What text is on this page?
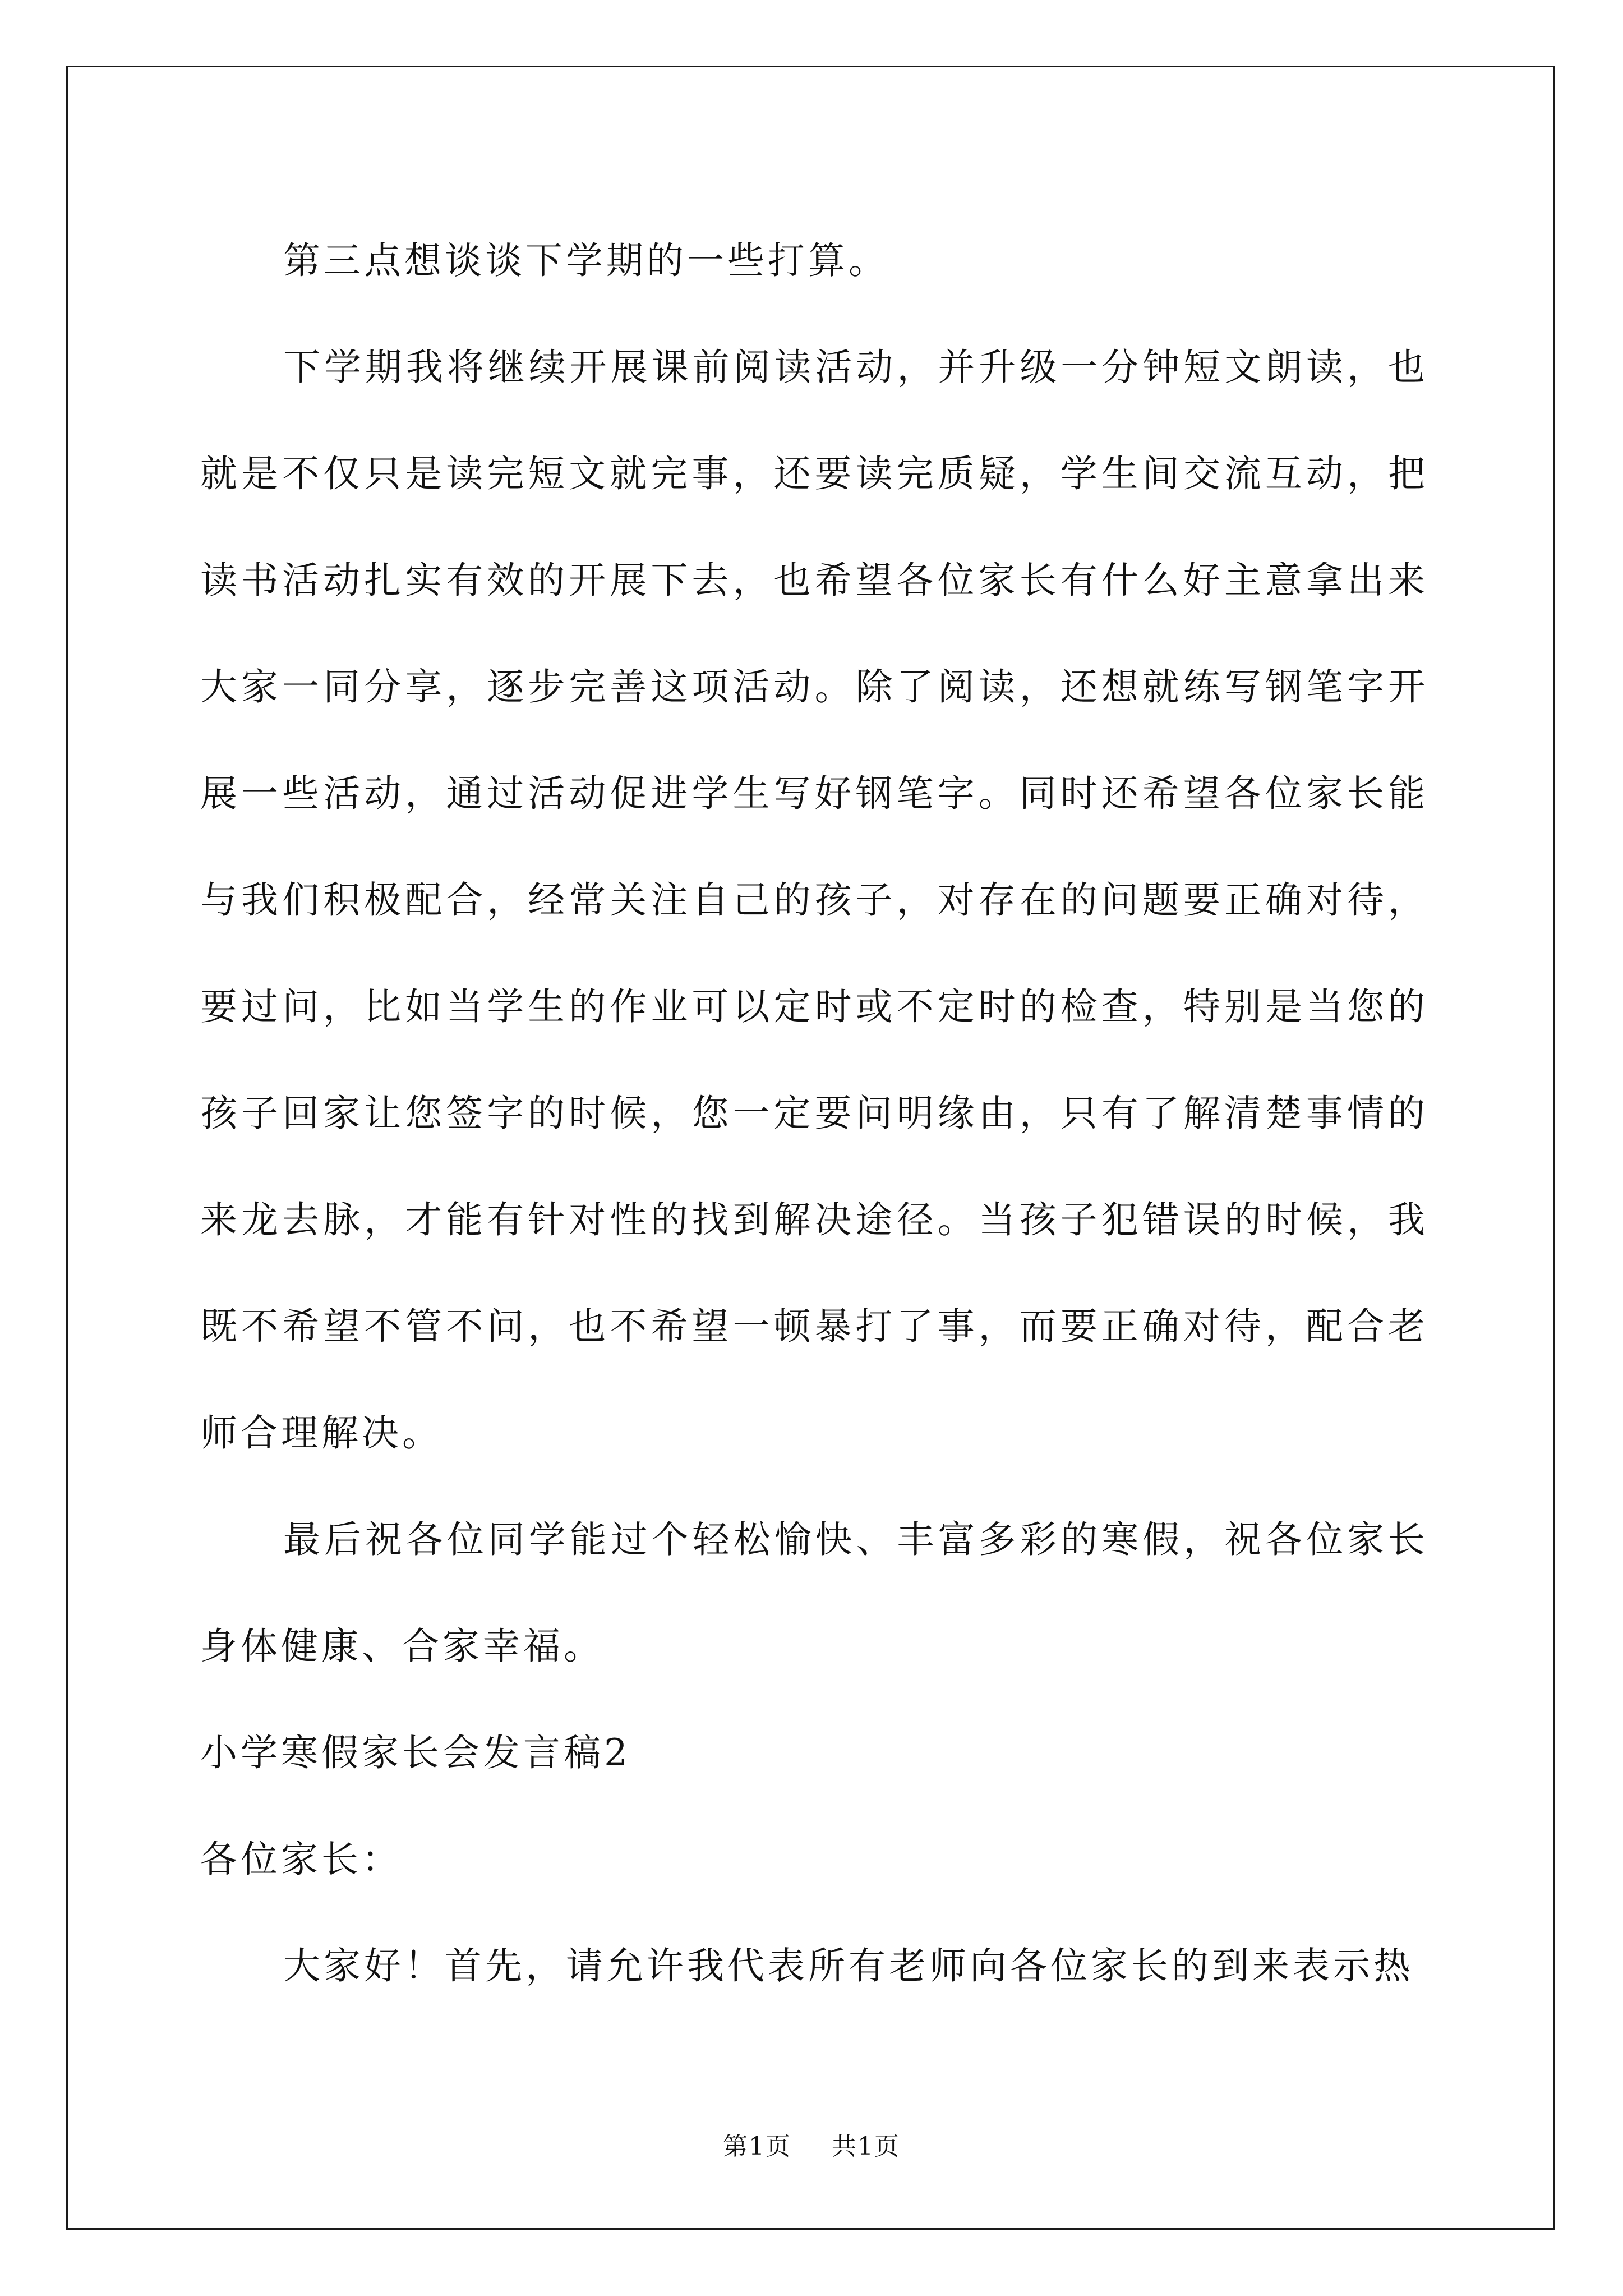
第三点想谈谈下学期的一些打算。

下学期我将继续开展课前阅读活动，并升级一分钟短文朗读，也就是不仅只是读完短文就完事，还要读完质疑，学生间交流互动，把读书活动扎实有效的开展下去，也希望各位家长有什么好主意拿出来大家一同分享，逐步完善这项活动。除了阅读，还想就练写钢笔字开展一些活动，通过活动促进学生写好钢笔字。同时还希望各位家长能与我们积极配合，经常关注自己的孩子，对存在的问题要正确对待，要过问，比如当学生的作业可以定时或不定时的检查，特别是当您的孩子回家让您签字的时候，您一定要问明缘由，只有了解清楚事情的来龙去脉，才能有针对性的找到解决途径。当孩子犯错误的时候，我既不希望不管不问，也不希望一顿暴打了事，而要正确对待，配合老师合理解决。

最后祝各位同学能过个轻松愉快、丰富多彩的寒假，祝各位家长身体健康、合家幸福。

小学寒假家长会发言稿2

各位家长：

大家好！首先，请允许我代表所有老师向各位家长的到来表示热

第1页 共1页
